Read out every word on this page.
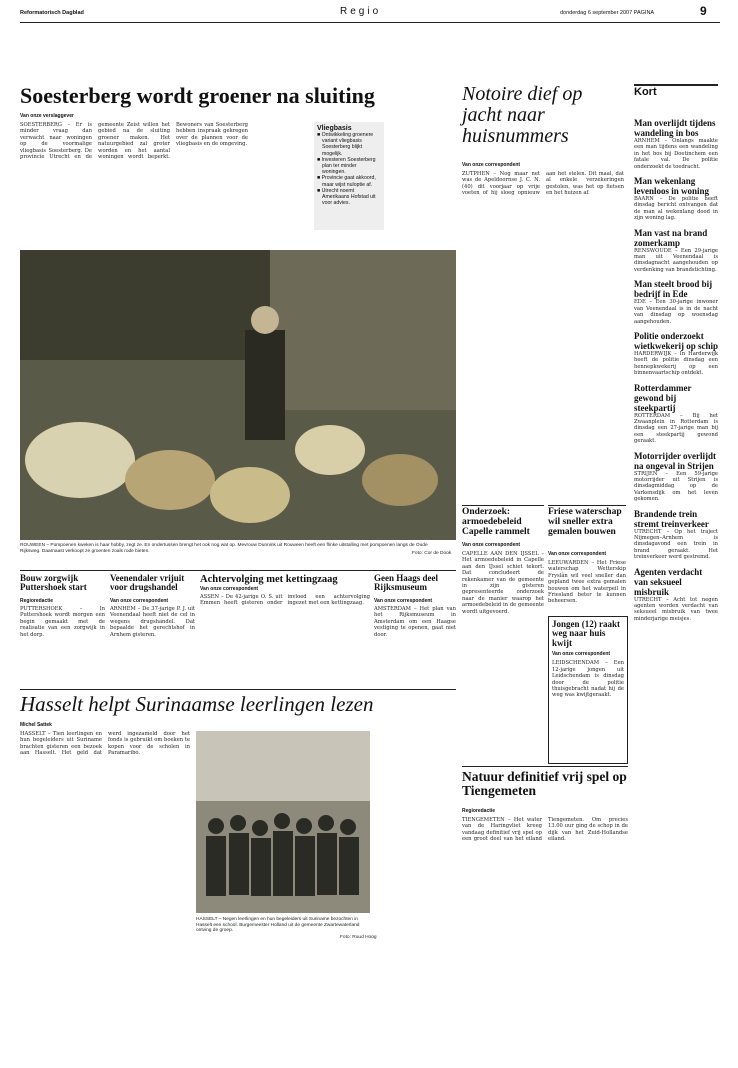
Reformatorisch Dagblad	Regio	donderdag 6 september 2007 PAGINA	9
Soesterberg wordt groener na sluiting
Van onze verslaggever
SOESTERBERG – Er is minder vraag dan verwacht naar woningen op de voormalige vliegbasis Soesterberg. De provincie Utrecht en de gemeente Zeist willen het gebied na de sluiting groener maken. Het natuurgebied zal groter worden en het aantal woningen wordt beperkt. Bewoners van Soesterberg hebben inspraak gekregen over de plannen voor de vliegbasis en de omgeving.
Vliegbasis
■ Ontwikkeling groenere variant vliegbasis Soesterberg blijkt mogelijk.
■ Investeren Soesterberg plan ter minder woningen.
■ Provincie gaat akkoord, maar wijst nuloptie af.
■ Utrecht noemt Amerikaans Hofstad uit voor advies.
Notoire dief op jacht naar huisnummers
Van onze correspondent
ZUTPHEN – Nog maar net was de Apeldoornse J. C. N. (40) dit voorjaar op vrije voeten of hij sloeg opnieuw aan het stelen. Dit maal, dat al enkele verzekeringen gestolen, was het op fietsen en het huizen af.
Kort
Man overlijdt tijdens wandeling in bos
ARNHEM – Onlangs maakte een man tijdens een wandeling in het bos bij Doetinchem een fatale val. De politie onderzoekt de toedracht.
Man wekenlang levenloos in woning
BAARN – De politie heeft dinsdag bericht ontvangen dat de man al wekenlang dood in zijn woning lag.
Man vast na brand zomerkamp
RENSWOUDE – Een 29-jarige man uit Veenendaal is dinsdagnacht aangehouden op verdenking van brandstichting.
Man steelt brood bij bedrijf in Ede
EDE – Een 30-jarige inwoner van Veenendaal is in de nacht van dinsdag op woensdag aangehouden.
Politie onderzoekt wietkwekerij op schip
HARDERWIJK – In Harderwijk heeft de politie dinsdag een hennepkwekerij op een binnenvaartschip ontdekt.
Rotterdammer gewond bij steekpartij
ROTTERDAM – Bij het Zwaanplein in Rotterdam is dinsdag een 27-jarige man bij een steekpartij gewond geraakt.
Motorrijder overlijdt na ongeval in Strijen
STRIJEN – Een 59-jarige motorrijder uit Strijen is dinsdagmiddag op de Varkensdijk om het leven gekomen.
Brandende trein stremt treinverkeer
UTRECHT – Op het traject Nijmegen–Arnhem is dinsdagavond een trein in brand geraakt. Het treinverkeer werd gestremd.
Agenten verdacht van seksueel misbruik
UTRECHT – Acht tot negen agenten worden verdacht van seksueel misbruik van twee minderjarige meisjes.
ROUWEEN – Pompoenen kweken is haar hobby, zegt ze. En ondertussen brengt het ook nog wat op. Mevrouw Dunnink uit Rouween heeft een flinke uitstalling met pompoenen langs de Oude Rijksweg. Daarnaast verkoopt ze groenten zoals rode bieten.	Foto: Cor de Dook
Onderzoek: armoedebeleid Capelle rammelt
Van onze correspondent
CAPELLE AAN DEN IJSSEL – Het armoedebeleid in Capelle aan den IJssel schiet tekort. Dat concludeert de rekenkamer van de gemeente in zijn gisteren gepresenteerde onderzoek naar de manier waarop het armoedebeleid in de gemeente wordt uitgevoerd.
Friese waterschap wil sneller extra gemalen bouwen
Van onze correspondent
LEEUWARDEN – Het Friese waterschap Wetterskip Fryslân wil veel sneller dan gepland twee extra gemalen bouwen om het waterpeil in Friesland beter te kunnen beheersen.
Jongen (12) raakt weg naar huis kwijt
Van onze correspondent
LEIDSCHENDAM – Een 12-jarige jongen uit Leidschendam is dinsdag door de politie thuisgebracht nadat hij de weg was kwijtgeraakt.
Bouw zorgwijk Puttershoek start
Regioredactie
PUTTERSHOEK – In Puttershoek wordt morgen een begin gemaakt met de realisatie van een zorgwijk in het dorp.
Veenendaler vrijuit voor drugshandel
Van onze correspondent
ARNHEM – De 37-jarige P. J. uit Veenendaal heeft niet de cel in wegens drugshandel. Dat bepaalde het gerechtshof in Arnhem gisteren.
Achtervolging met kettingzaag
Van onze correspondent
ASSEN – De 42-jarige O. S. uit Emmen heeft gisteren onder invloed een achtervolging ingezet met een kettingzaag.
Geen Haags deel Rijksmuseum
Van onze correspondent
AMSTERDAM – Het plan van het Rijksmuseum in Amsterdam om een Haagse vestiging te openen, gaat niet door.
Hasselt helpt Surinaamse leerlingen lezen
Michel Sattek
HASSELT – Tien leerlingen en hun begeleiders uit Suriname brachten gisteren een bezoek aan Hasselt. Het geld dat werd ingezameld door het fonds is gebruikt om boeken te kopen voor de scholen in Paramaribo.
HASSELT – Negen leerlingen en hun begeleiders uit Suriname bezochten in Hasselt een school. Burgemeester Holland uit de gemeente Zwartewaterland ontving de groep.
Foto: Ruud Hoog
Natuur definitief vrij spel op Tiengemeten
Regioredactie
TIENGEMETEN – Het water van de Haringvliet kreeg vandaag definitief vrij spel op een groot deel van het eiland Tiengemeten. Om precies 13.00 uur ging de schop in de dijk van het Zuid-Hollandse eiland.
